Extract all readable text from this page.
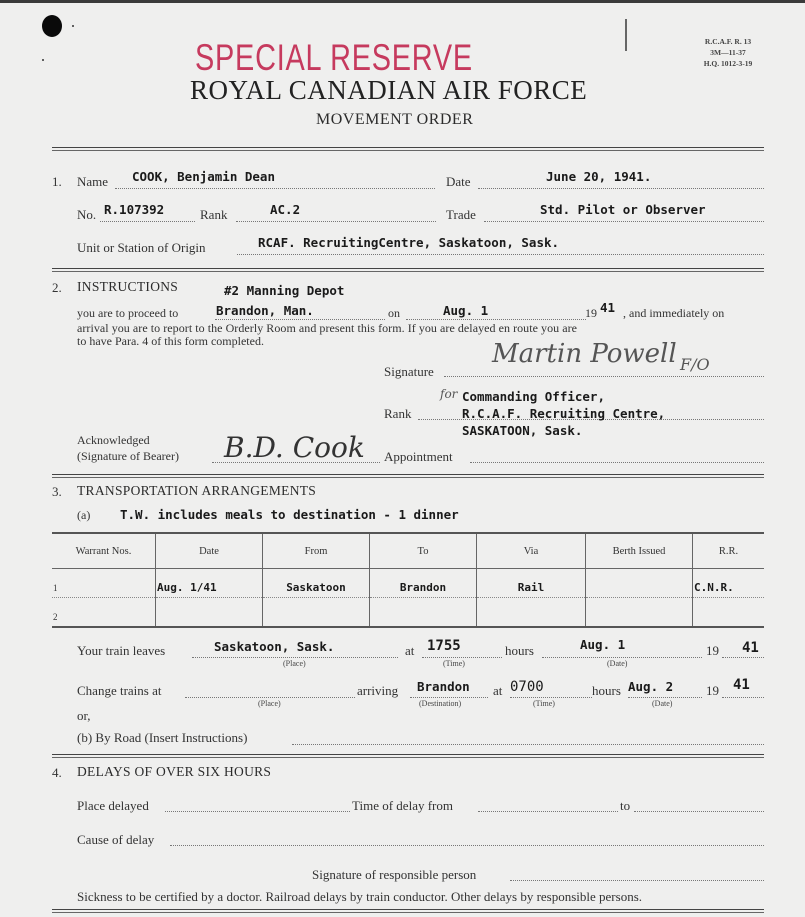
SPECIAL RESERVE
ROYAL CANADIAN AIR FORCE
MOVEMENT ORDER
R.C.A.F. R. 13
3M—11-37
H.Q. 1012-3-19
1. Name COOK, Benjamin Dean	Date	June 20, 1941.
No. R.107392	Rank	AC.2	Trade	Std. Pilot or Observer
Unit or Station of Origin	RCAF. RecruitingCentre, Saskatoon, Sask.
2. INSTRUCTIONS	#2 Manning Depot
you are to proceed to	Brandon, Man.	on	Aug. 1	19 41 , and immediately on
arrival you are to report to the Orderly Room and present this form. If you are delayed en route you are
to have Para. 4 of this form completed.
Signature
Martin Powell F/O
for Commanding Officer,
Rank	R.C.A.F. Recruiting Centre,
SASKATOON, Sask.
Acknowledged
(Signature of Bearer) B.D. Cook Appointment
3. TRANSPORTATION ARRANGEMENTS
(a) T.W. includes meals to destination - 1 dinner
Warrant Nos.	Date	From	To	Via	Berth Issued	R.R.
1	Aug. 1/41	Saskatoon	Brandon	Rail		C.N.R.
2						
Your train leaves	Saskatoon, Sask.
(Place)
at 1755
(Time)
hours	Aug. 1
(Date)
19 41
Change trains at
(Place)
arriving Brandon
(Destination)
at 0700
(Time)
hours Aug. 2
(Date)
19 41
or,
(b) By Road (Insert Instructions)
4. DELAYS OF OVER SIX HOURS
Place delayed	Time of delay from	to
Cause of delay
Signature of responsible person
Sickness to be certified by a doctor. Railroad delays by train conductor. Other delays by responsible persons.
